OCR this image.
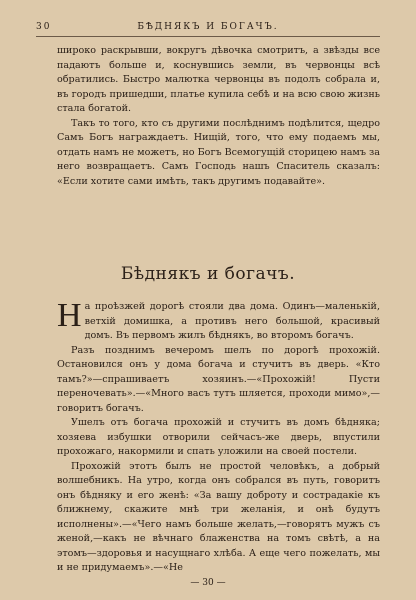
30	БѢДНЯКЪ И БОГАЧЪ.

широко раскрывши, вокругъ дѣвочка смотритъ, а звѣзды все падаютъ больше и, коснувшись земли, въ червонцы всѣ обратились. Быстро малютка червонцы въ подолъ собрала и, въ городъ пришедши, платье купила себѣ и на всю свою жизнь стала богатой.

Такъ то того, кто съ другими послѣднимъ подѣлится, щедро Самъ Богъ награждаетъ. Нищій, того, что ему подаемъ мы, отдать намъ не можетъ, но Богъ Всемогущій сторицею намъ за него возвращаетъ. Самъ Господь нашъ Спаситель сказалъ: «Если хотите сами имѣть, такъ другимъ подавайте».

Бѣднякъ и богачъ.

На проѣзжей дорогѣ стояли два дома. Одинъ—маленькій, ветхій домишка, а противъ него большой, красивый домъ. Въ первомъ жилъ бѣднякъ, во второмъ богачъ.

Разъ позднимъ вечеромъ шелъ по дорогѣ прохожій. Остановился онъ у дома богача и стучитъ въ дверь. «Кто тамъ?»—спрашиваетъ хозяинъ.—«Прохожій! Пусти переночевать».—«Много васъ тутъ шляется, проходи мимо»,—говоритъ богачъ.

Ушелъ отъ богача прохожій и стучитъ въ домъ бѣдняка; хозяева избушки отворили сейчасъ-же дверь, впустили прохожаго, накормили и спать уложили на своей постели.

Прохожій этотъ былъ не простой человѣкъ, а добрый волшебникъ. На утро, когда онъ собрался въ путь, говоритъ онъ бѣдняку и его женѣ: «За вашу доброту и сострадакіе къ ближнему, скажите мнѣ три желанія, и онѣ будутъ исполнены».—«Чего намъ больше желать,—говорятъ мужъ съ женой,—какъ не вѣчнаго блаженства на томъ свѣтѣ, а на этомъ—здоровья и насущнаго хлѣба. А еще чего пожелать, мы и не придумаемъ».—«Не

— 30 —
